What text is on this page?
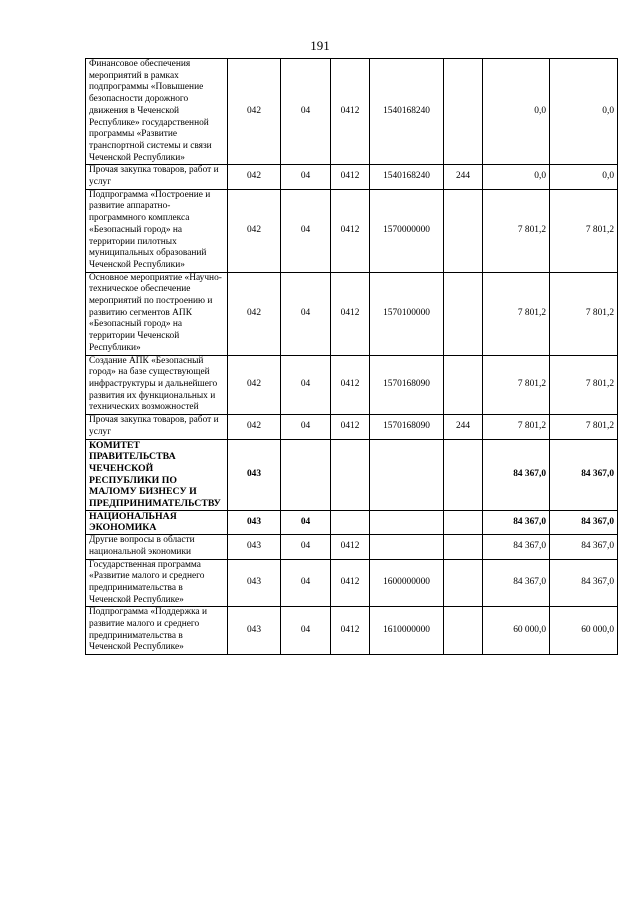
191
Финансовое обеспечения мероприятий в рамках подпрограммы «Повышение безопасности дорожного движения в Чеченской Республике» государственной программы «Развитие транспортной системы и связи Чеченской Республики»	042	04	0412	1540168240		0,0	0,0
Прочая закупка товаров, работ и услуг	042	04	0412	1540168240	244	0,0	0,0
Подпрограмма «Построение и развитие аппаратно-программного комплекса «Безопасный город» на территории пилотных муниципальных образований Чеченской Республики»	042	04	0412	1570000000		7 801,2	7 801,2
Основное мероприятие «Научно-техническое обеспечение мероприятий по построению и развитию сегментов АПК «Безопасный город» на территории Чеченской Республики»	042	04	0412	1570100000		7 801,2	7 801,2
Создание АПК «Безопасный город» на базе существующей инфраструктуры и дальнейшего развития их функциональных и технических возможностей	042	04	0412	1570168090		7 801,2	7 801,2
Прочая закупка товаров, работ и услуг	042	04	0412	1570168090	244	7 801,2	7 801,2
КОМИТЕТ ПРАВИТЕЛЬСТВА ЧЕЧЕНСКОЙ РЕСПУБЛИКИ ПО МАЛОМУ БИЗНЕСУ И ПРЕДПРИНИМАТЕЛЬСТВУ	043					84 367,0	84 367,0
НАЦИОНАЛЬНАЯ ЭКОНОМИКА	043	04				84 367,0	84 367,0
Другие вопросы в области национальной экономики	043	04	0412			84 367,0	84 367,0
Государственная программа «Развитие малого и среднего предпринимательства в Чеченской Республике»	043	04	0412	1600000000		84 367,0	84 367,0
Подпрограмма «Поддержка и развитие малого и среднего предпринимательства в Чеченской Республике»	043	04	0412	1610000000		60 000,0	60 000,0
